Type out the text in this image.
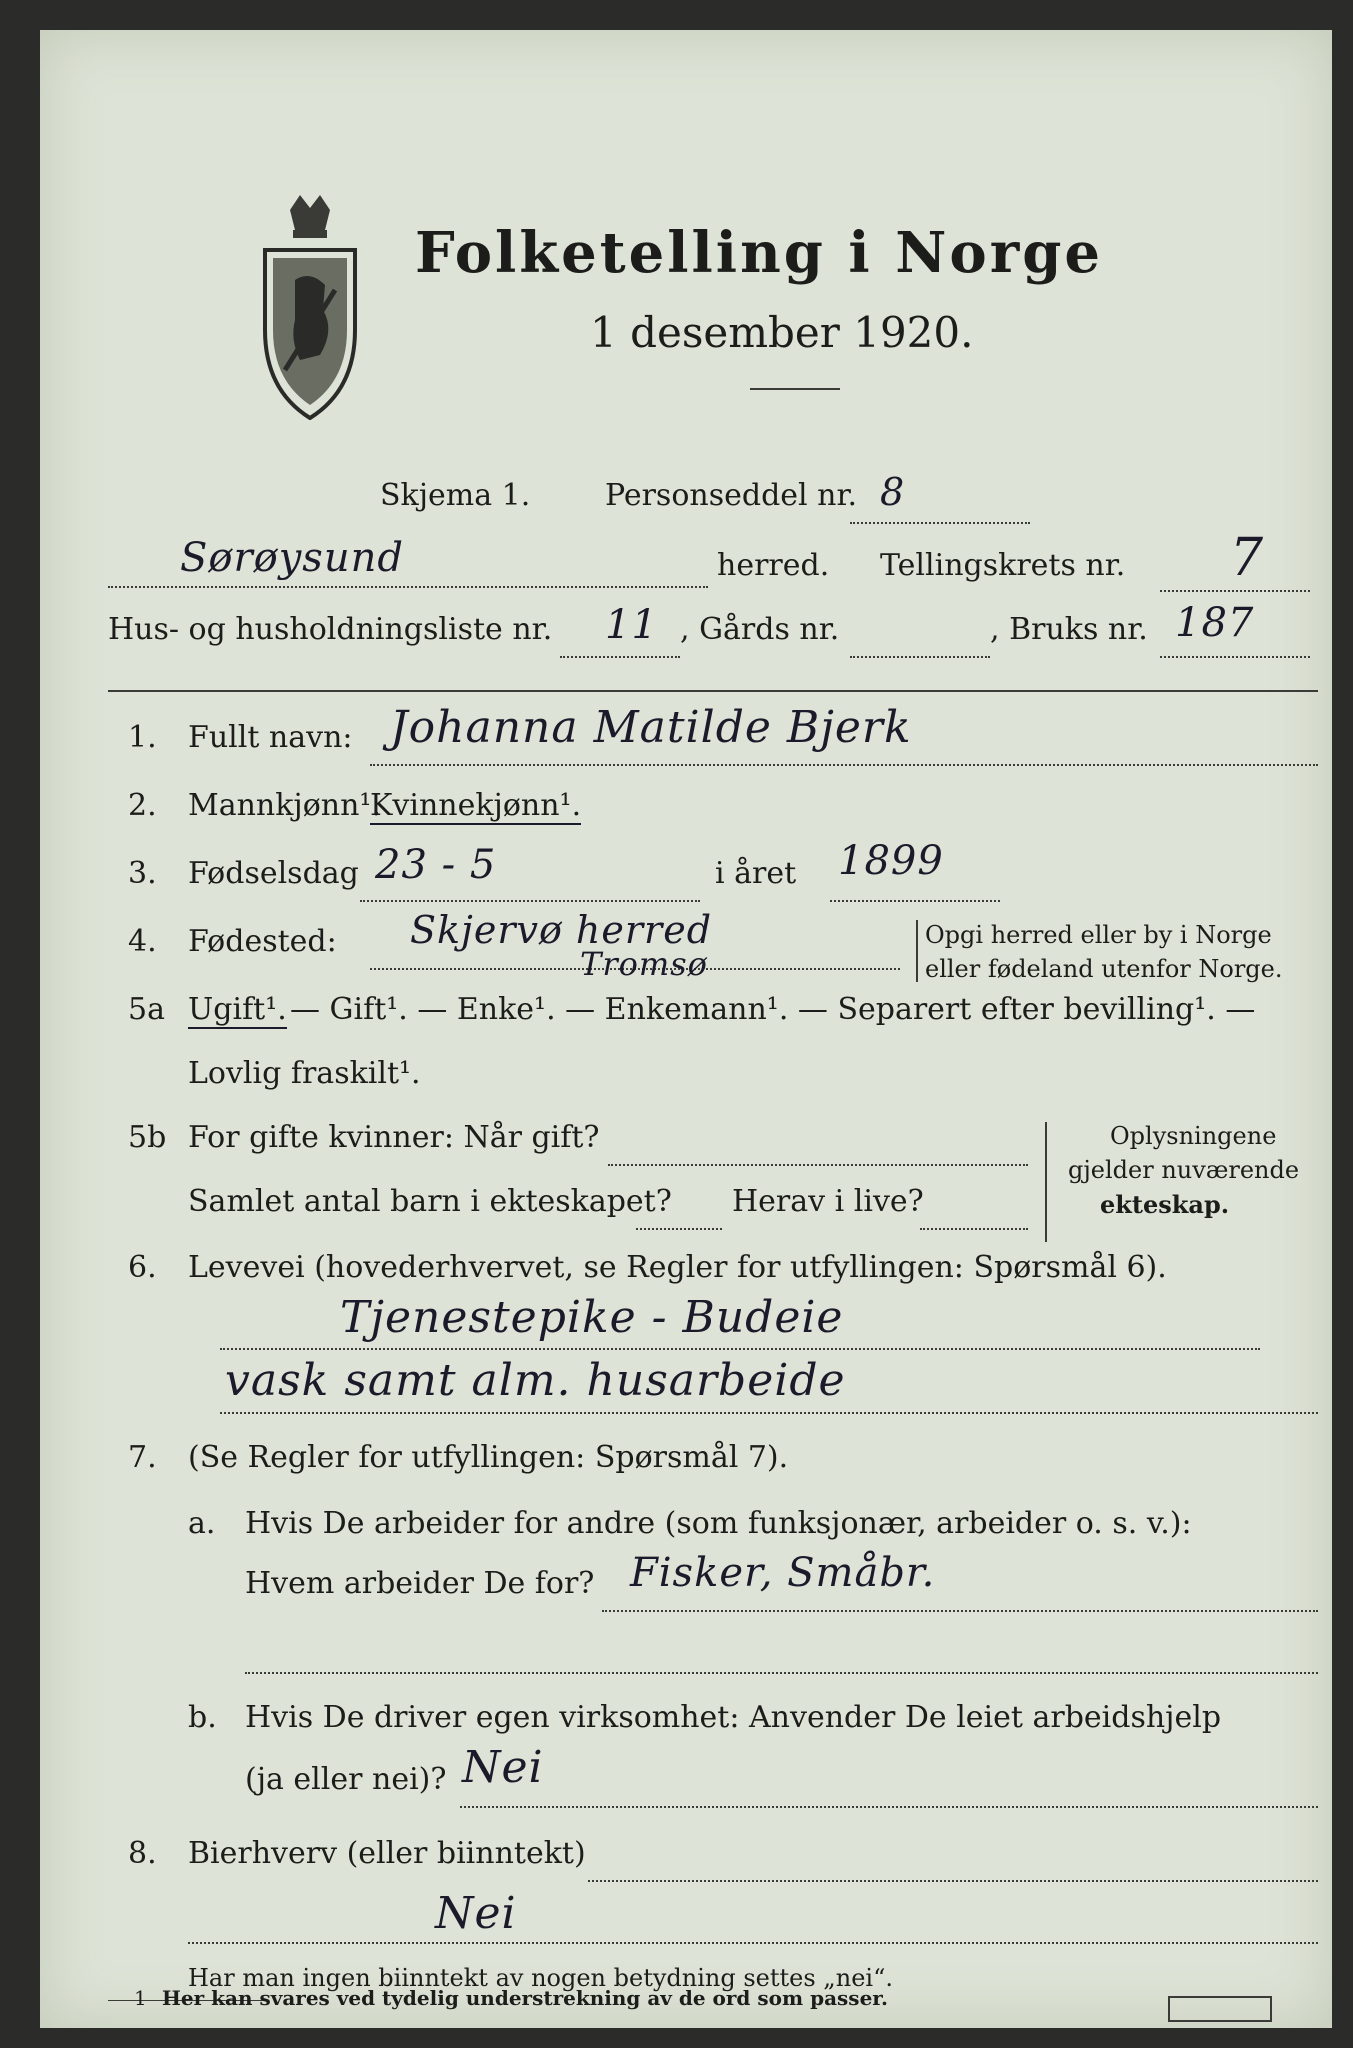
Folketelling i Norge
1 desember 1920.
Skjema 1. Personseddel nr. 8
Sørøysund	herred. Tellingskrets nr. 7
Hus- og husholdningsliste nr. 11 , Gårds nr.	, Bruks nr. 187
1. Fullt navn: Johanna Matilde Bjerk
2. Mannkjønn¹.
Kvinnekjønn¹.
3. Fødselsdag 23 - 5	i året 1899
4. Fødested: Skjervø herred
Tromsø
Opgi herred eller by i Norge
eller fødeland utenfor Norge.
5a Ugift¹. — Gift¹. — Enke¹. — Enkemann¹. — Separert efter bevilling¹. —
Lovlig fraskilt¹.
5b For gifte kvinner: Når gift?
Samlet antal barn i ekteskapet? Herav i live?
Oplysningene
gjelder nuværende
ekteskap.
6. Levevei (hovederhvervet, se Regler for utfyllingen: Spørsmål 6).
Tjenestepike - Budeie
vask samt alm. husarbeide
7. (Se Regler for utfyllingen: Spørsmål 7).
a. Hvis De arbeider for andre (som funksjonær, arbeider o. s. v.):
Hvem arbeider De for? Fisker, Småbr.
b. Hvis De driver egen virksomhet: Anvender De leiet arbeidshjelp
(ja eller nei)? Nei
8. Bierhverv (eller biinntekt)
Nei
Har man ingen biinntekt av nogen betydning settes „nei“.
1 Her kan svares ved tydelig understrekning av de ord som passer.
